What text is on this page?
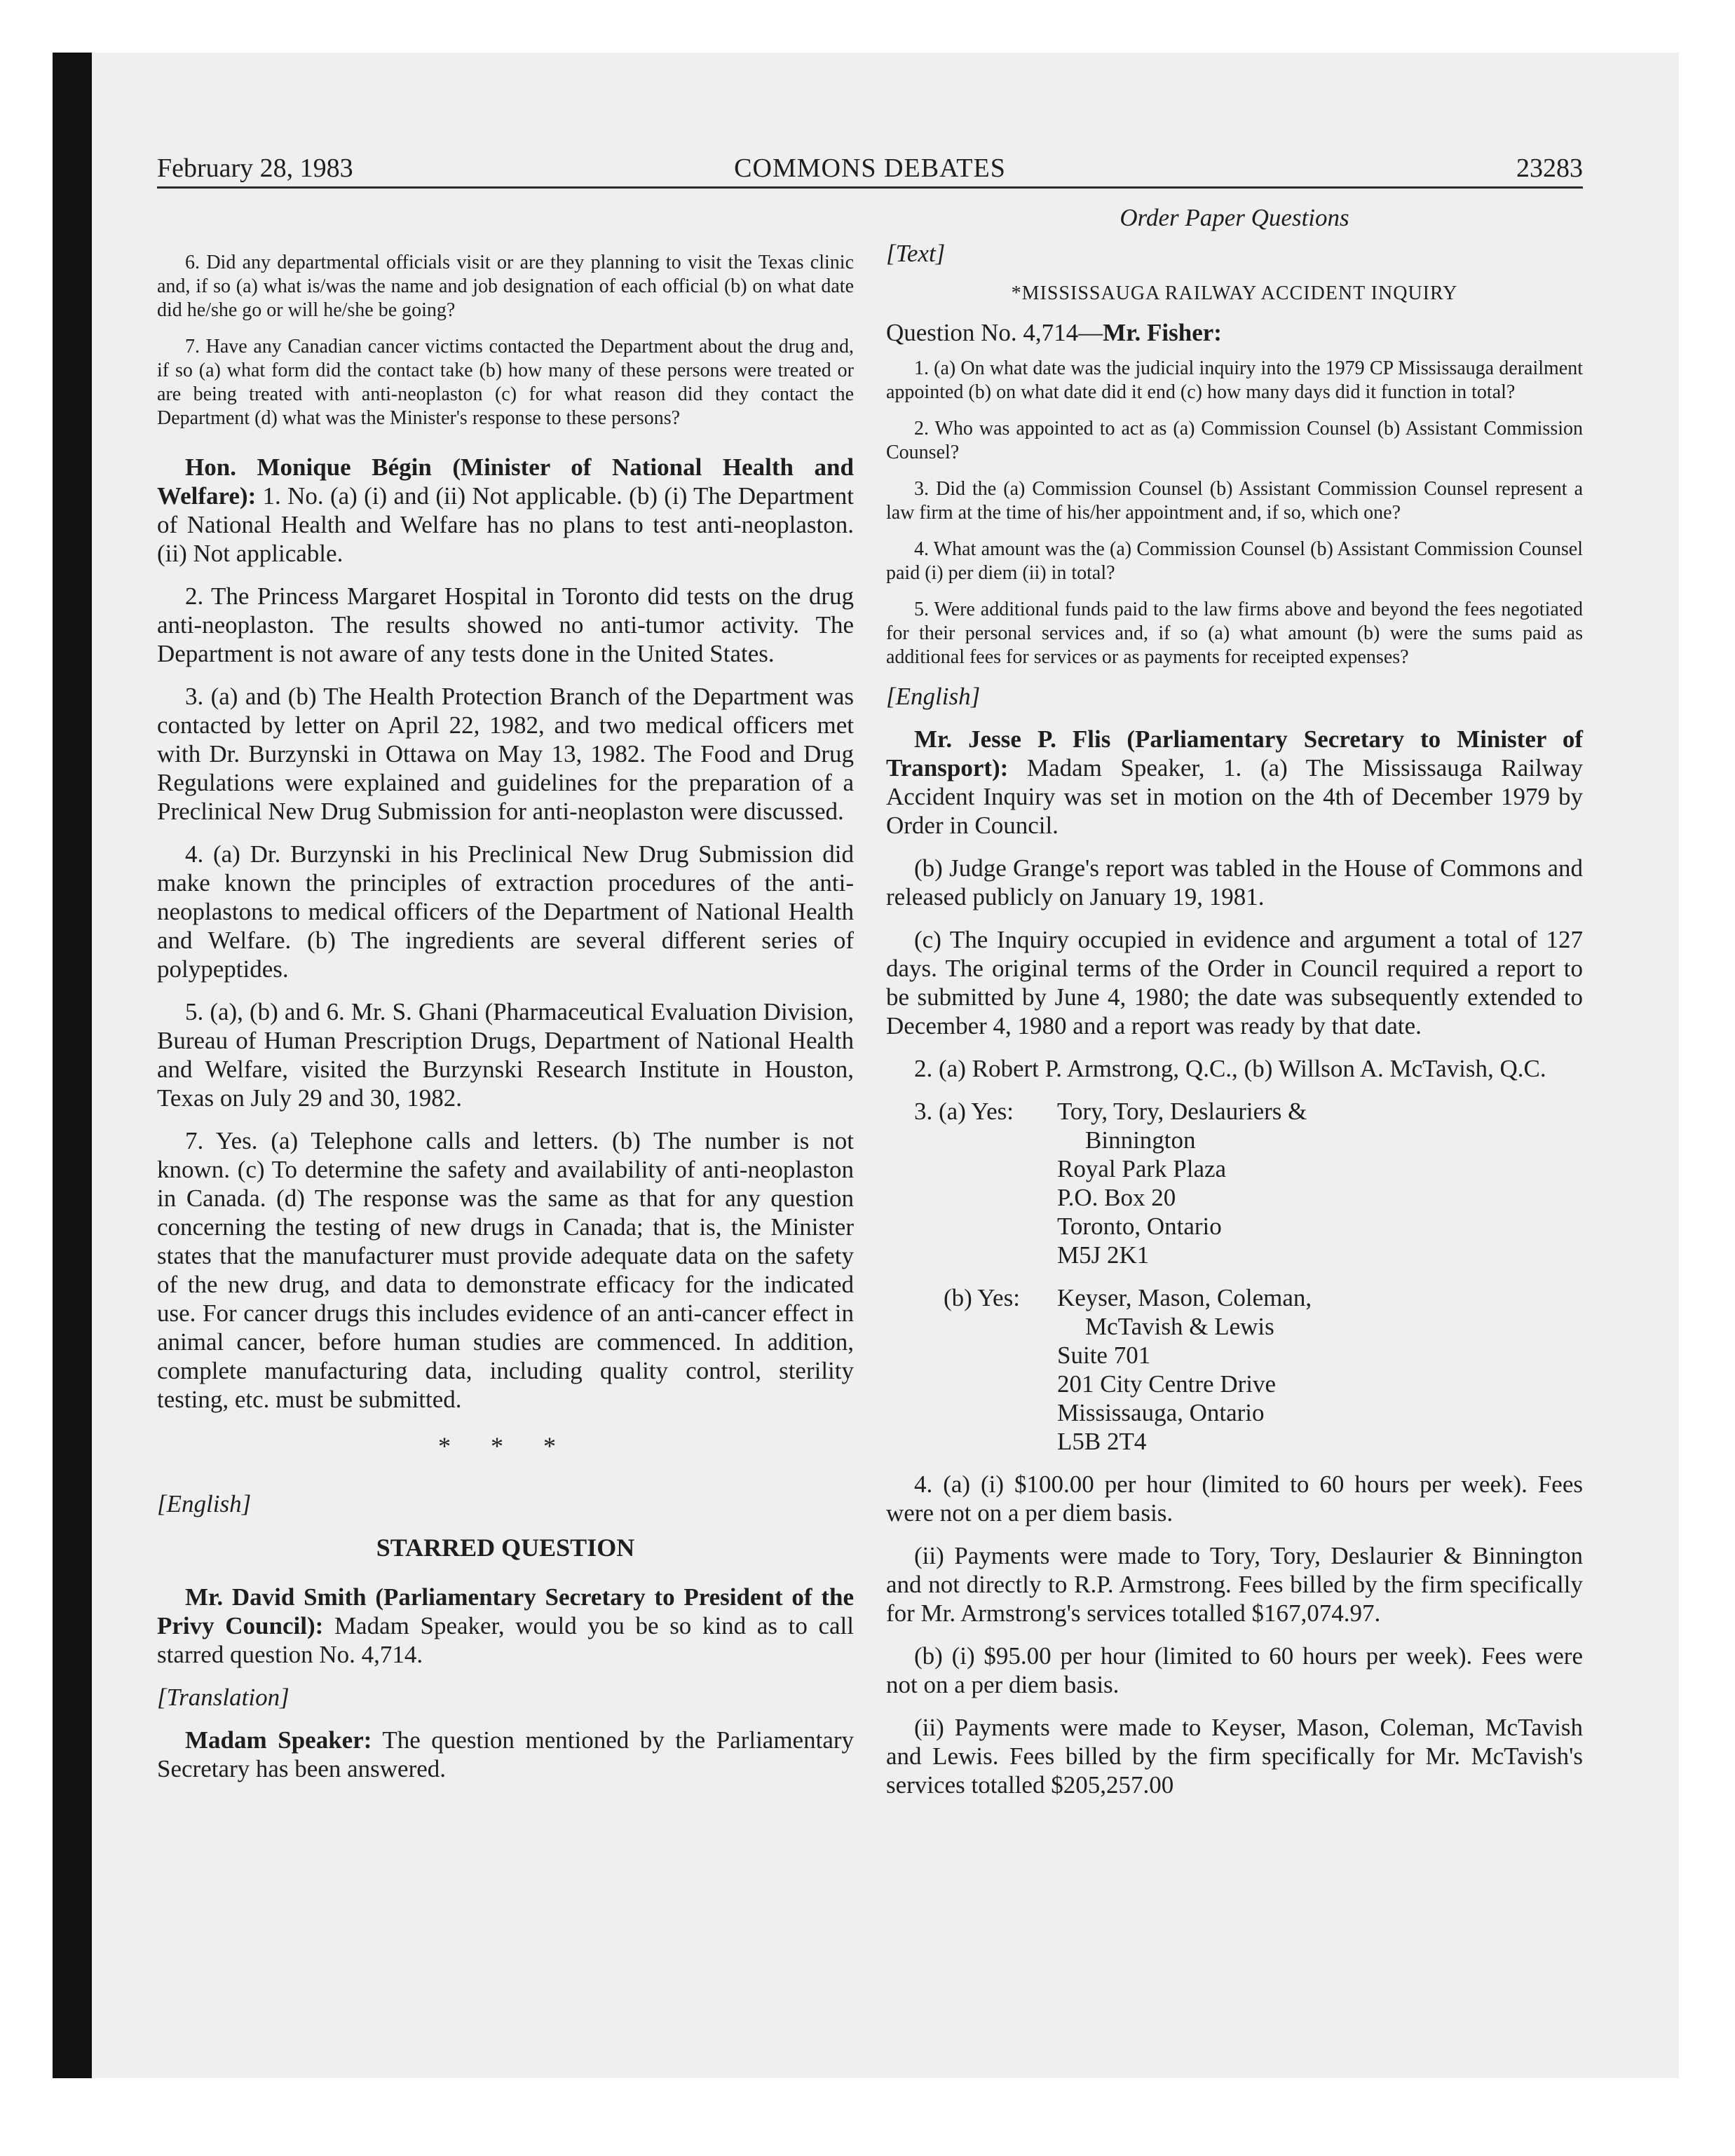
February 28, 1983	COMMONS DEBATES	23283

6. Did any departmental officials visit or are they planning to visit the Texas clinic and, if so (a) what is/was the name and job designation of each official (b) on what date did he/she go or will he/she be going?

7. Have any Canadian cancer victims contacted the Department about the drug and, if so (a) what form did the contact take (b) how many of these persons were treated or are being treated with anti-neoplaston (c) for what reason did they contact the Department (d) what was the Minister's response to these persons?

Hon. Monique Bégin (Minister of National Health and Welfare): 1. No. (a) (i) and (ii) Not applicable. (b) (i) The Department of National Health and Welfare has no plans to test anti-neoplaston. (ii) Not applicable.

2. The Princess Margaret Hospital in Toronto did tests on the drug anti-neoplaston. The results showed no anti-tumor activity. The Department is not aware of any tests done in the United States.

3. (a) and (b) The Health Protection Branch of the Department was contacted by letter on April 22, 1982, and two medical officers met with Dr. Burzynski in Ottawa on May 13, 1982. The Food and Drug Regulations were explained and guidelines for the preparation of a Preclinical New Drug Submission for anti-neoplaston were discussed.

4. (a) Dr. Burzynski in his Preclinical New Drug Submission did make known the principles of extraction procedures of the anti-neoplastons to medical officers of the Department of National Health and Welfare. (b) The ingredients are several different series of polypeptides.

5. (a), (b) and 6. Mr. S. Ghani (Pharmaceutical Evaluation Division, Bureau of Human Prescription Drugs, Department of National Health and Welfare, visited the Burzynski Research Institute in Houston, Texas on July 29 and 30, 1982.

7. Yes. (a) Telephone calls and letters. (b) The number is not known. (c) To determine the safety and availability of anti-neoplaston in Canada. (d) The response was the same as that for any question concerning the testing of new drugs in Canada; that is, the Minister states that the manufacturer must provide adequate data on the safety of the new drug, and data to demonstrate efficacy for the indicated use. For cancer drugs this includes evidence of an anti-cancer effect in animal cancer, before human studies are commenced. In addition, complete manufacturing data, including quality control, sterility testing, etc. must be submitted.

* * *

[English]

STARRED QUESTION

Mr. David Smith (Parliamentary Secretary to President of the Privy Council): Madam Speaker, would you be so kind as to call starred question No. 4,714.

[Translation]

Madam Speaker: The question mentioned by the Parliamentary Secretary has been answered.

Order Paper Questions

[Text]

*MISSISSAUGA RAILWAY ACCIDENT INQUIRY
Question No. 4,714—Mr. Fisher:

1. (a) On what date was the judicial inquiry into the 1979 CP Mississauga derailment appointed (b) on what date did it end (c) how many days did it function in total?

2. Who was appointed to act as (a) Commission Counsel (b) Assistant Commission Counsel?

3. Did the (a) Commission Counsel (b) Assistant Commission Counsel represent a law firm at the time of his/her appointment and, if so, which one?

4. What amount was the (a) Commission Counsel (b) Assistant Commission Counsel paid (i) per diem (ii) in total?

5. Were additional funds paid to the law firms above and beyond the fees negotiated for their personal services and, if so (a) what amount (b) were the sums paid as additional fees for services or as payments for receipted expenses?

[English]

Mr. Jesse P. Flis (Parliamentary Secretary to Minister of Transport): Madam Speaker, 1. (a) The Mississauga Railway Accident Inquiry was set in motion on the 4th of December 1979 by Order in Council.

(b) Judge Grange's report was tabled in the House of Commons and released publicly on January 19, 1981.

(c) The Inquiry occupied in evidence and argument a total of 127 days. The original terms of the Order in Council required a report to be submitted by June 4, 1980; the date was subsequently extended to December 4, 1980 and a report was ready by that date.

2. (a) Robert P. Armstrong, Q.C., (b) Willson A. McTavish, Q.C.

3. (a) Yes:	Tory, Tory, Deslauriers &
Binnington
Royal Park Plaza
P.O. Box 20
Toronto, Ontario
M5J 2K1
(b) Yes:	Keyser, Mason, Coleman,
McTavish & Lewis
Suite 701
201 City Centre Drive
Mississauga, Ontario
L5B 2T4

4. (a) (i) $100.00 per hour (limited to 60 hours per week). Fees were not on a per diem basis.

(ii) Payments were made to Tory, Tory, Deslaurier & Binnington and not directly to R.P. Armstrong. Fees billed by the firm specifically for Mr. Armstrong's services totalled $167,074.97.

(b) (i) $95.00 per hour (limited to 60 hours per week). Fees were not on a per diem basis.

(ii) Payments were made to Keyser, Mason, Coleman, McTavish and Lewis. Fees billed by the firm specifically for Mr. McTavish's services totalled $205,257.00
